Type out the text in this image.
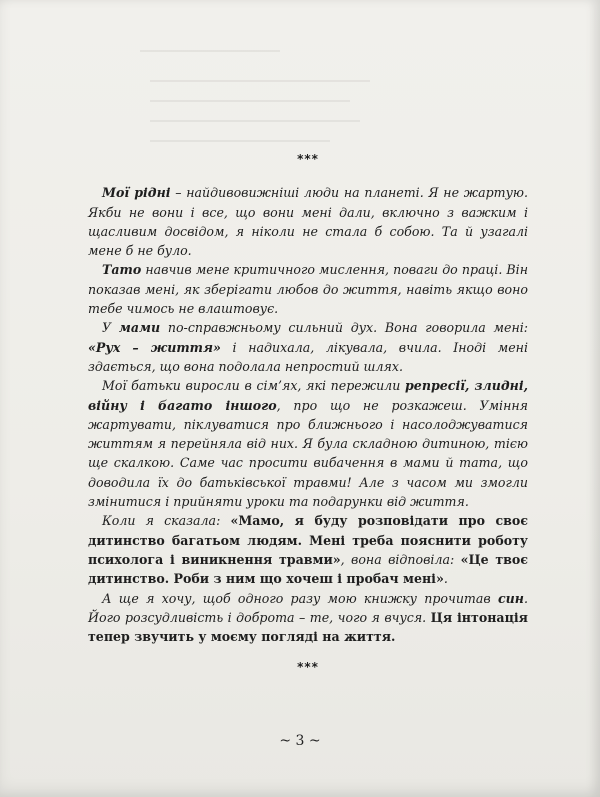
***

Мої рідні – найдивовижніші люди на планеті. Я не жартую. Якби не вони і все, що вони мені дали, включно з важким і щасливим досвідом, я ніколи не стала б собою. Та й узагалі мене б не було.

Тато навчив мене критичного мислення, поваги до праці. Він показав мені, як зберігати любов до життя, навіть якщо воно тебе чимось не влаштовує.

У мами по-справжньому сильний дух. Вона говорила мені: «Рух – життя» і надихала, лікувала, вчила. Іноді мені здається, що вона подолала непростий шлях.

Мої батьки виросли в сім’ях, які пережили репресії, злидні, війну і багато іншого, про що не розкажеш. Уміння жартувати, піклуватися про ближнього і насолоджуватися життям я перейняла від них. Я була складною дитиною, тією ще скалкою. Саме час просити вибачення в мами й тата, що доводила їх до батьківської травми! Але з часом ми змогли змінитися і прийняти уроки та подарунки від життя.

Коли я сказала: «Мамо, я буду розповідати про своє дитинство багатьом людям. Мені треба пояснити роботу психолога і виникнення травми», вона відповіла: «Це твоє дитинство. Роби з ним що хочеш і пробач мені».

А ще я хочу, щоб одного разу мою книжку прочитав син. Його розсудливість і доброта – те, чого я вчуся. Ця інтонація тепер звучить у моєму погляді на життя.

***
~ 3 ~
